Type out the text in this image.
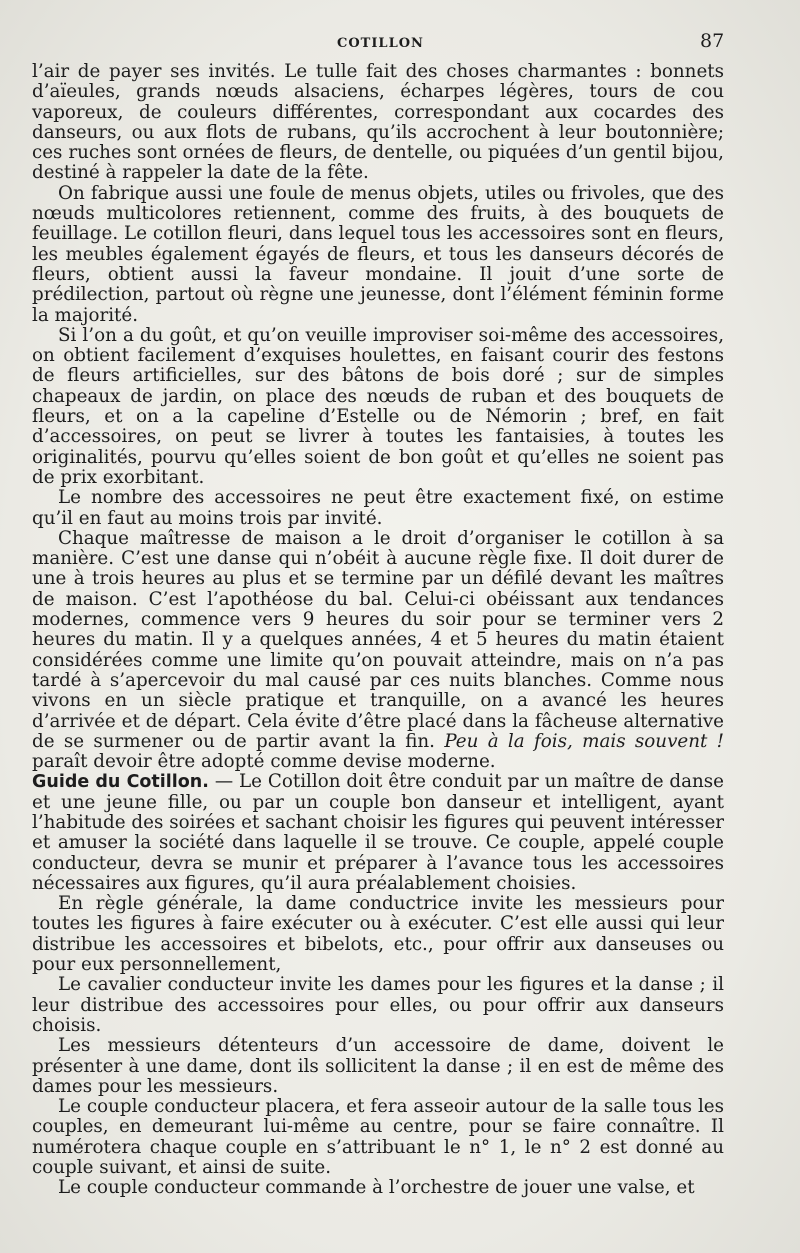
COTILLON	87

l’air de payer ses invités. Le tulle fait des choses charmantes : bonnets d’aïeules, grands nœuds alsaciens, écharpes légères, tours de cou vaporeux, de couleurs différentes, correspondant aux cocardes des danseurs, ou aux flots de rubans, qu’ils accrochent à leur boutonnière; ces ruches sont ornées de fleurs, de dentelle, ou piquées d’un gentil bijou, destiné à rappeler la date de la fête.

On fabrique aussi une foule de menus objets, utiles ou frivoles, que des nœuds multicolores retiennent, comme des fruits, à des bouquets de feuillage. Le cotillon fleuri, dans lequel tous les accessoires sont en fleurs, les meubles également égayés de fleurs, et tous les danseurs décorés de fleurs, obtient aussi la faveur mondaine. Il jouit d’une sorte de prédilection, partout où règne une jeunesse, dont l’élément féminin forme la majorité.

Si l’on a du goût, et qu’on veuille improviser soi-même des accessoires, on obtient facilement d’exquises houlettes, en faisant courir des festons de fleurs artificielles, sur des bâtons de bois doré ; sur de simples chapeaux de jardin, on place des nœuds de ruban et des bouquets de fleurs, et on a la capeline d’Estelle ou de Némorin ; bref, en fait d’accessoires, on peut se livrer à toutes les fantaisies, à toutes les originalités, pourvu qu’elles soient de bon goût et qu’elles ne soient pas de prix exorbitant.

Le nombre des accessoires ne peut être exactement fixé, on estime qu’il en faut au moins trois par invité.

Chaque maîtresse de maison a le droit d’organiser le cotillon à sa manière. C’est une danse qui n’obéit à aucune règle fixe. Il doit durer de une à trois heures au plus et se termine par un défilé devant les maîtres de maison. C’est l’apothéose du bal. Celui-ci obéissant aux tendances modernes, commence vers 9 heures du soir pour se terminer vers 2 heures du matin. Il y a quelques années, 4 et 5 heures du matin étaient considérées comme une limite qu’on pouvait atteindre, mais on n’a pas tardé à s’apercevoir du mal causé par ces nuits blanches. Comme nous vivons en un siècle pratique et tranquille, on a avancé les heures d’arrivée et de départ. Cela évite d’être placé dans la fâcheuse alternative de se surmener ou de partir avant la fin. Peu à la fois, mais souvent ! paraît devoir être adopté comme devise moderne.

Guide du Cotillon. — Le Cotillon doit être conduit par un maître de danse et une jeune fille, ou par un couple bon danseur et intelligent, ayant l’habitude des soirées et sachant choisir les figures qui peuvent intéresser et amuser la société dans laquelle il se trouve. Ce couple, appelé couple conducteur, devra se munir et préparer à l’avance tous les accessoires nécessaires aux figures, qu’il aura préalablement choisies.

En règle générale, la dame conductrice invite les messieurs pour toutes les figures à faire exécuter ou à exécuter. C’est elle aussi qui leur distribue les accessoires et bibelots, etc., pour offrir aux danseuses ou pour eux personnellement,

Le cavalier conducteur invite les dames pour les figures et la danse ; il leur distribue des accessoires pour elles, ou pour offrir aux danseurs choisis.

Les messieurs détenteurs d’un accessoire de dame, doivent le présenter à une dame, dont ils sollicitent la danse ; il en est de même des dames pour les messieurs.

Le couple conducteur placera, et fera asseoir autour de la salle tous les couples, en demeurant lui-même au centre, pour se faire connaître. Il numérotera chaque couple en s’attribuant le n° 1, le n° 2 est donné au couple suivant, et ainsi de suite.

Le couple conducteur commande à l’orchestre de jouer une valse, et
